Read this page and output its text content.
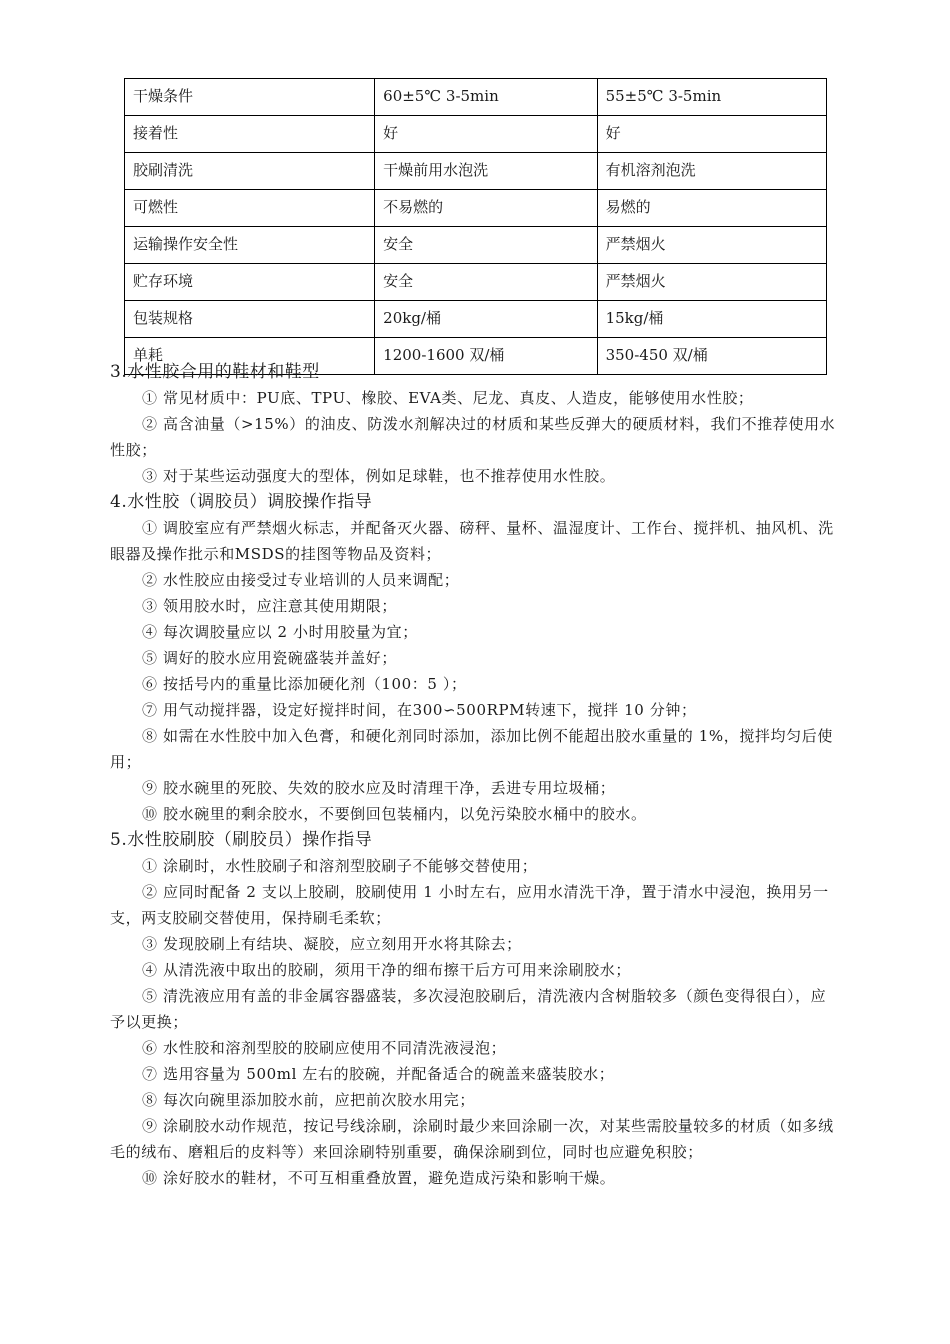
干燥条件	60±5℃ 3-5min	55±5℃ 3-5min
接着性	好	好
胶刷清洗	干燥前用水泡洗	有机溶剂泡洗
可燃性	不易燃的	易燃的
运输操作安全性	安全	严禁烟火
贮存环境	安全	严禁烟火
包装规格	20kg/桶	15kg/桶
单耗	1200-1600 双/桶	350-450 双/桶
3.水性胶合用的鞋材和鞋型

① 常见材质中：PU底、TPU、橡胶、EVA类、尼龙、真皮、人造皮，能够使用水性胶；

② 高含油量（>15%）的油皮、防泼水剂解决过的材质和某些反弹大的硬质材料，我们不推荐使用水性胶；

③ 对于某些运动强度大的型体，例如足球鞋，也不推荐使用水性胶。

4.水性胶（调胶员）调胶操作指导

① 调胶室应有严禁烟火标志，并配备灭火器、磅秤、量杯、温湿度计、工作台、搅拌机、抽风机、洗眼器及操作批示和MSDS的挂图等物品及资料；

② 水性胶应由接受过专业培训的人员来调配；

③ 领用胶水时，应注意其使用期限；

④ 每次调胶量应以 2 小时用胶量为宜；

⑤ 调好的胶水应用瓷碗盛装并盖好；

⑥ 按括号内的重量比添加硬化剂（100：5 ）；

⑦ 用气动搅拌器，设定好搅拌时间，在300∽500RPM转速下，搅拌 10 分钟；

⑧ 如需在水性胶中加入色膏，和硬化剂同时添加，添加比例不能超出胶水重量的 1%，搅拌均匀后使用；

⑨ 胶水碗里的死胶、失效的胶水应及时清理干净，丢进专用垃圾桶；

⑩ 胶水碗里的剩余胶水，不要倒回包装桶内，以免污染胶水桶中的胶水。

5.水性胶刷胶（刷胶员）操作指导

① 涂刷时，水性胶刷子和溶剂型胶刷子不能够交替使用；

② 应同时配备 2 支以上胶刷，胶刷使用 1 小时左右，应用水清洗干净，置于清水中浸泡，换用另一支，两支胶刷交替使用，保持刷毛柔软；

③ 发现胶刷上有结块、凝胶，应立刻用开水将其除去；

④ 从清洗液中取出的胶刷，须用干净的细布擦干后方可用来涂刷胶水；

⑤ 清洗液应用有盖的非金属容器盛装，多次浸泡胶刷后，清洗液内含树脂较多（颜色变得很白），应予以更换；

⑥ 水性胶和溶剂型胶的胶刷应使用不同清洗液浸泡；

⑦ 选用容量为 500ml 左右的胶碗，并配备适合的碗盖来盛装胶水；

⑧ 每次向碗里添加胶水前，应把前次胶水用完；

⑨ 涂刷胶水动作规范，按记号线涂刷，涂刷时最少来回涂刷一次，对某些需胶量较多的材质（如多绒毛的绒布、磨粗后的皮料等）来回涂刷特别重要，确保涂刷到位，同时也应避免积胶；

⑩ 涂好胶水的鞋材，不可互相重叠放置，避免造成污染和影响干燥。
